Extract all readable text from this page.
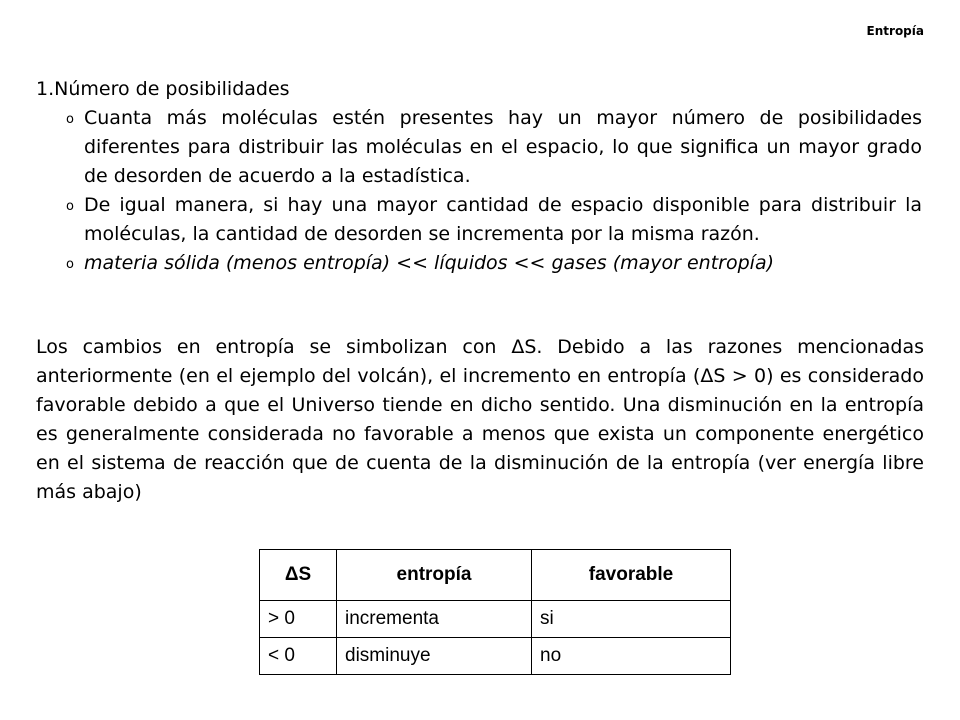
Entropía
1.Número de posibilidades
o Cuanta más moléculas estén presentes hay un mayor número de posibilidades diferentes para distribuir las moléculas en el espacio, lo que significa un mayor grado de desorden de acuerdo a la estadística.
o De igual manera, si hay una mayor cantidad de espacio disponible para distribuir la moléculas, la cantidad de desorden se incrementa por la misma razón.
o materia sólida (menos entropía) << líquidos << gases (mayor entropía)

Los cambios en entropía se simbolizan con ΔS. Debido a las razones mencionadas anteriormente (en el ejemplo del volcán), el incremento en entropía (ΔS > 0) es considerado favorable debido a que el Universo tiende en dicho sentido. Una disminución en la entropía es generalmente considerada no favorable a menos que exista un componente energético en el sistema de reacción que de cuenta de la disminución de la entropía (ver energía libre más abajo)

ΔS	entropía	favorable
> 0	incrementa	si
< 0	disminuye	no
